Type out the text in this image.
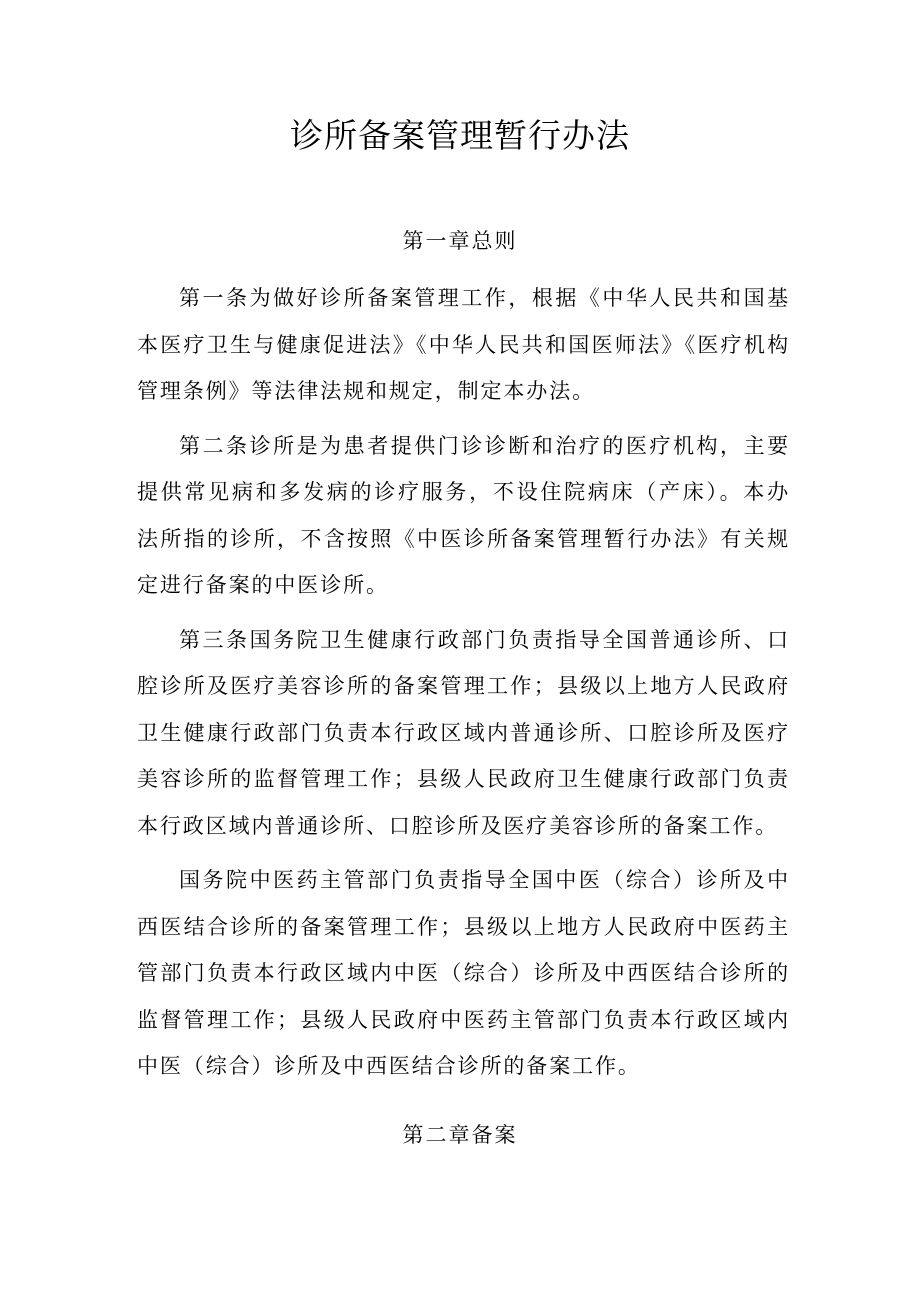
诊所备案管理暂行办法
第一章总则

第一条为做好诊所备案管理工作，根据《中华人民共和国基本医疗卫生与健康促进法》《中华人民共和国医师法》《医疗机构管理条例》等法律法规和规定，制定本办法。

第二条诊所是为患者提供门诊诊断和治疗的医疗机构，主要提供常见病和多发病的诊疗服务，不设住院病床（产床）。本办法所指的诊所，不含按照《中医诊所备案管理暂行办法》有关规定进行备案的中医诊所。

第三条国务院卫生健康行政部门负责指导全国普通诊所、口腔诊所及医疗美容诊所的备案管理工作；县级以上地方人民政府卫生健康行政部门负责本行政区域内普通诊所、口腔诊所及医疗美容诊所的监督管理工作；县级人民政府卫生健康行政部门负责本行政区域内普通诊所、口腔诊所及医疗美容诊所的备案工作。

国务院中医药主管部门负责指导全国中医（综合）诊所及中西医结合诊所的备案管理工作；县级以上地方人民政府中医药主管部门负责本行政区域内中医（综合）诊所及中西医结合诊所的监督管理工作；县级人民政府中医药主管部门负责本行政区域内中医（综合）诊所及中西医结合诊所的备案工作。

第二章备案
